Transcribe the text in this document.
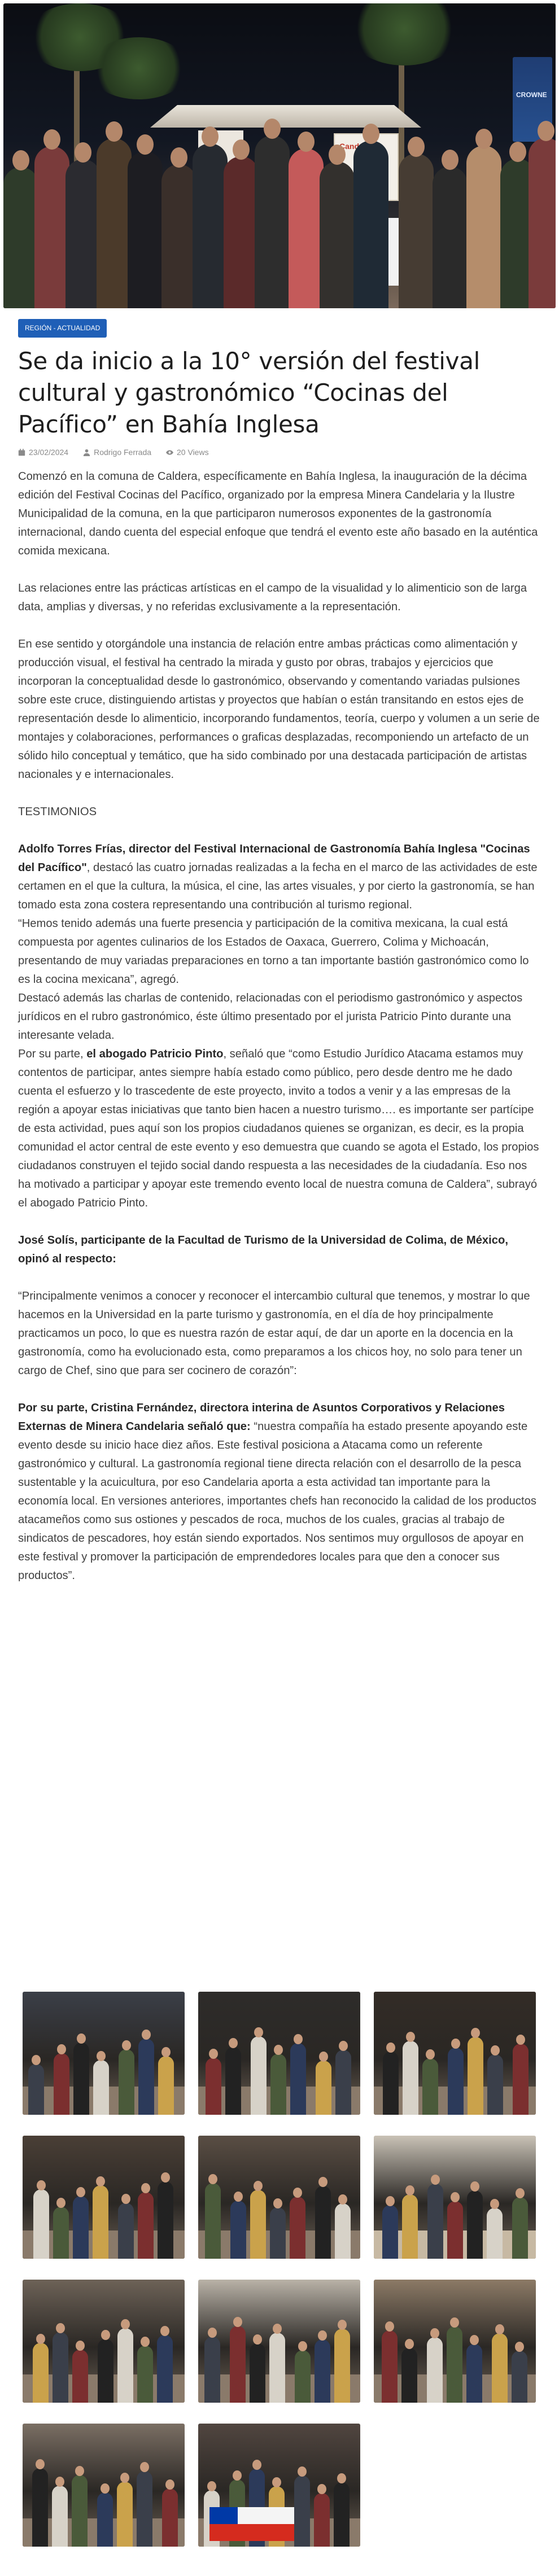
CROWNE
REGIÓN - ACTUALIDAD
Se da inicio a la 10° versión del festival cultural y gastronómico “Cocinas del Pacífico” en Bahía Inglesa
23/02/2024	Rodrigo Ferrada	20 Views

Comenzó en la comuna de Caldera, específicamente en Bahía Inglesa, la inauguración de la décima edición del Festival Cocinas del Pacífico, organizado por la empresa Minera Candelaria y la Ilustre Municipalidad de la comuna, en la que participaron numerosos exponentes de la gastronomía internacional, dando cuenta del especial enfoque que tendrá el evento este año basado en la auténtica comida mexicana.

Las relaciones entre las prácticas artísticas en el campo de la visualidad y lo alimenticio son de larga data, amplias y diversas, y no referidas exclusivamente a la representación.

En ese sentido y otorgándole una instancia de relación entre ambas prácticas como alimentación y producción visual, el festival ha centrado la mirada y gusto por obras, trabajos y ejercicios que incorporan la conceptualidad desde lo gastronómico, observando y comentando variadas pulsiones sobre este cruce, distinguiendo artistas y proyectos que habían o están transitando en estos ejes de representación desde lo alimenticio, incorporando fundamentos, teoría, cuerpo y volumen a un serie de montajes y colaboraciones, performances o graficas desplazadas, recomponiendo un artefacto de un sólido hilo conceptual y temático, que ha sido combinado por una destacada participación de artistas nacionales y e internacionales.

TESTIMONIOS

Adolfo Torres Frías, director del Festival Internacional de Gastronomía Bahía Inglesa "Cocinas del Pacífico", destacó las cuatro jornadas realizadas a la fecha en el marco de las actividades de este certamen en el que la cultura, la música, el cine, las artes visuales, y por cierto la gastronomía, se han tomado esta zona costera representando una contribución al turismo regional.

“Hemos tenido además una fuerte presencia y participación de la comitiva mexicana, la cual está compuesta por agentes culinarios de los Estados de Oaxaca, Guerrero, Colima y Michoacán, presentando de muy variadas preparaciones en torno a tan importante bastión gastronómico como lo es la cocina mexicana”, agregó.

Destacó además las charlas de contenido, relacionadas con el periodismo gastronómico y aspectos jurídicos en el rubro gastronómico, éste último presentado por el jurista Patricio Pinto durante una interesante velada.

Por su parte, el abogado Patricio Pinto, señaló que “como Estudio Jurídico Atacama estamos muy contentos de participar, antes siempre había estado como público, pero desde dentro me he dado cuenta el esfuerzo y lo trascedente de este proyecto, invito a todos a venir y a las empresas de la región a apoyar estas iniciativas que tanto bien hacen a nuestro turismo…. es importante ser partícipe de esta actividad, pues aquí son los propios ciudadanos quienes se organizan, es decir, es la propia comunidad el actor central de este evento y eso demuestra que cuando se agota el Estado, los propios ciudadanos construyen el tejido social dando respuesta a las necesidades de la ciudadanía. Eso nos ha motivado a participar y apoyar este tremendo evento local de nuestra comuna de Caldera”, subrayó el abogado Patricio Pinto.

José Solís, participante de la Facultad de Turismo de la Universidad de Colima, de México, opinó al respecto:

“Principalmente venimos a conocer y reconocer el intercambio cultural que tenemos, y mostrar lo que hacemos en la Universidad en la parte turismo y gastronomía, en el día de hoy principalmente practicamos un poco, lo que es nuestra razón de estar aquí, de dar un aporte en la docencia en la gastronomía, como ha evolucionado esta, como preparamos a los chicos hoy, no solo para tener un cargo de Chef, sino que para ser cocinero de corazón”:

Por su parte, Cristina Fernández, directora interina de Asuntos Corporativos y Relaciones Externas de Minera Candelaria señaló que: “nuestra compañía ha estado presente apoyando este evento desde su inicio hace diez años. Este festival posiciona a Atacama como un referente gastronómico y cultural. La gastronomía regional tiene directa relación con el desarrollo de la pesca sustentable y la acuicultura, por eso Candelaria aporta a esta actividad tan importante para la economía local. En versiones anteriores, importantes chefs han reconocido la calidad de los productos atacameños como sus ostiones y pescados de roca, muchos de los cuales, gracias al trabajo de sindicatos de pescadores, hoy están siendo exportados. Nos sentimos muy orgullosos de apoyar en este festival y promover la participación de emprendedores locales para que den a conocer sus productos”.
